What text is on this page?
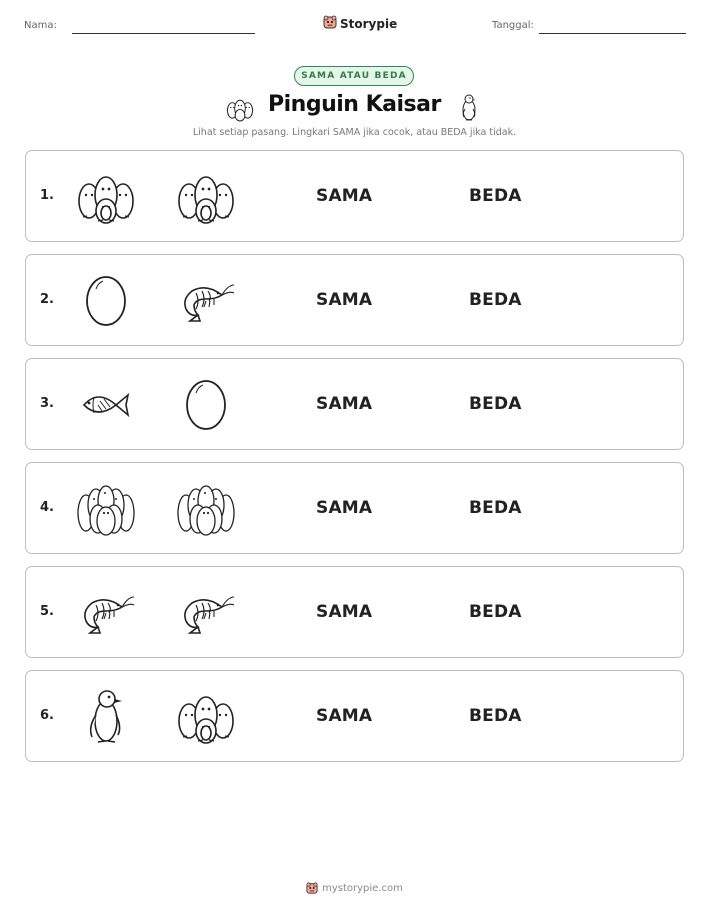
Nama:	Storypie	Tanggal:
SAMA ATAU BEDA
Pinguin Kaisar
Lihat setiap pasang. Lingkari SAMA jika cocok, atau BEDA jika tidak.
1.	SAMA	BEDA
2.	SAMA	BEDA
3.	SAMA	BEDA
4.	SAMA	BEDA
5.	SAMA	BEDA
6.	SAMA	BEDA
mystorypie.com
